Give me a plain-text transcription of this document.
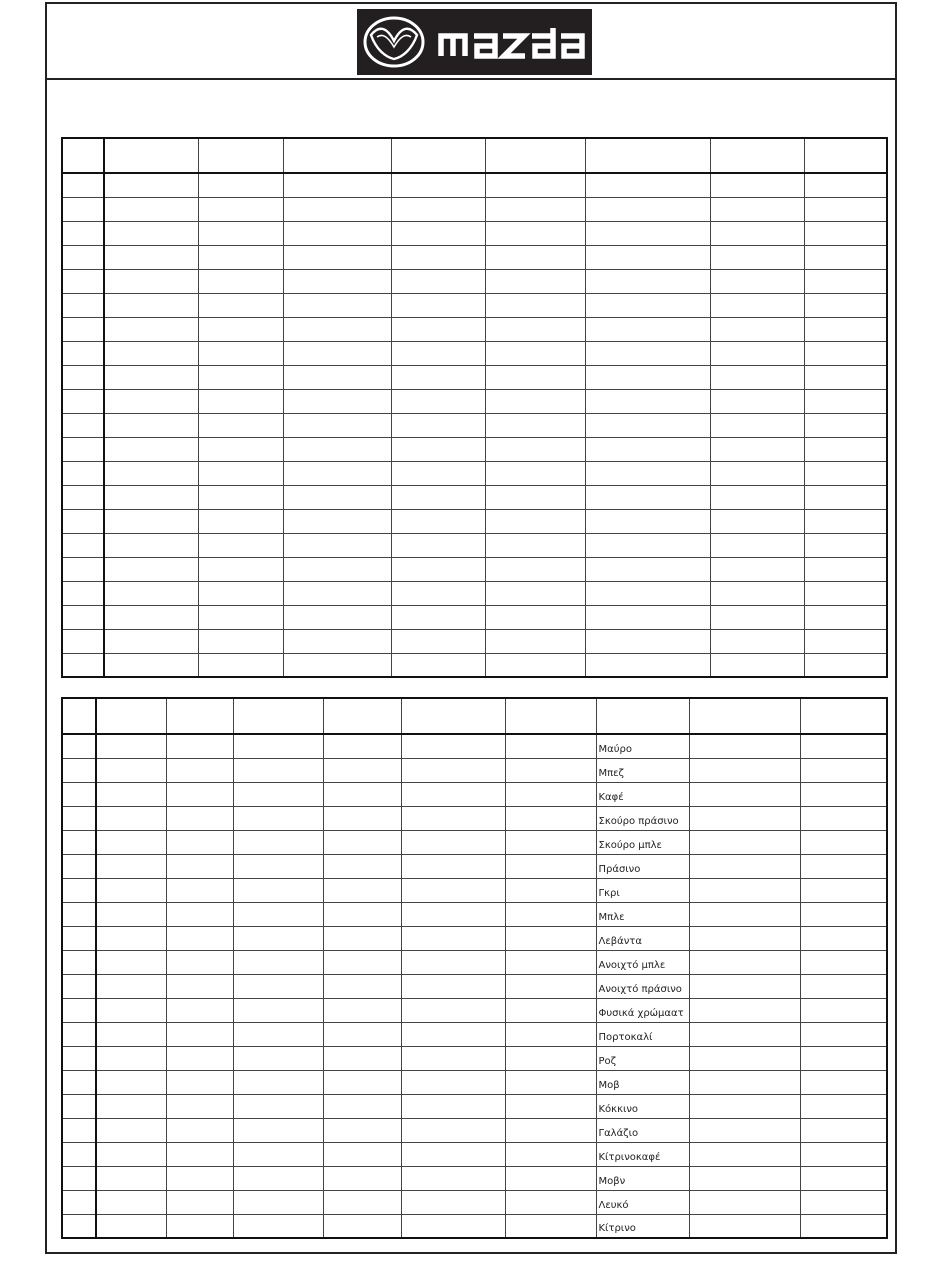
							Μαύρο		
							Μπεζ		
							Καφέ		
							Σκούρο πράσινο		
							Σκούρο μπλε		
							Πράσινο		
							Γκρι		
							Μπλε		
							Λεβάντα		
							Ανοιχτό μπλε		
							Ανοιχτό πράσινο		
							Φυσικά χρώμαατ		
							Πορτοκαλί		
							Ροζ		
							Μοβ		
							Κόκκινο		
							Γαλάζιο		
							Κίτρινοκαφέ		
							Μοβν		
							Λευκό		
							Κίτρινο		
